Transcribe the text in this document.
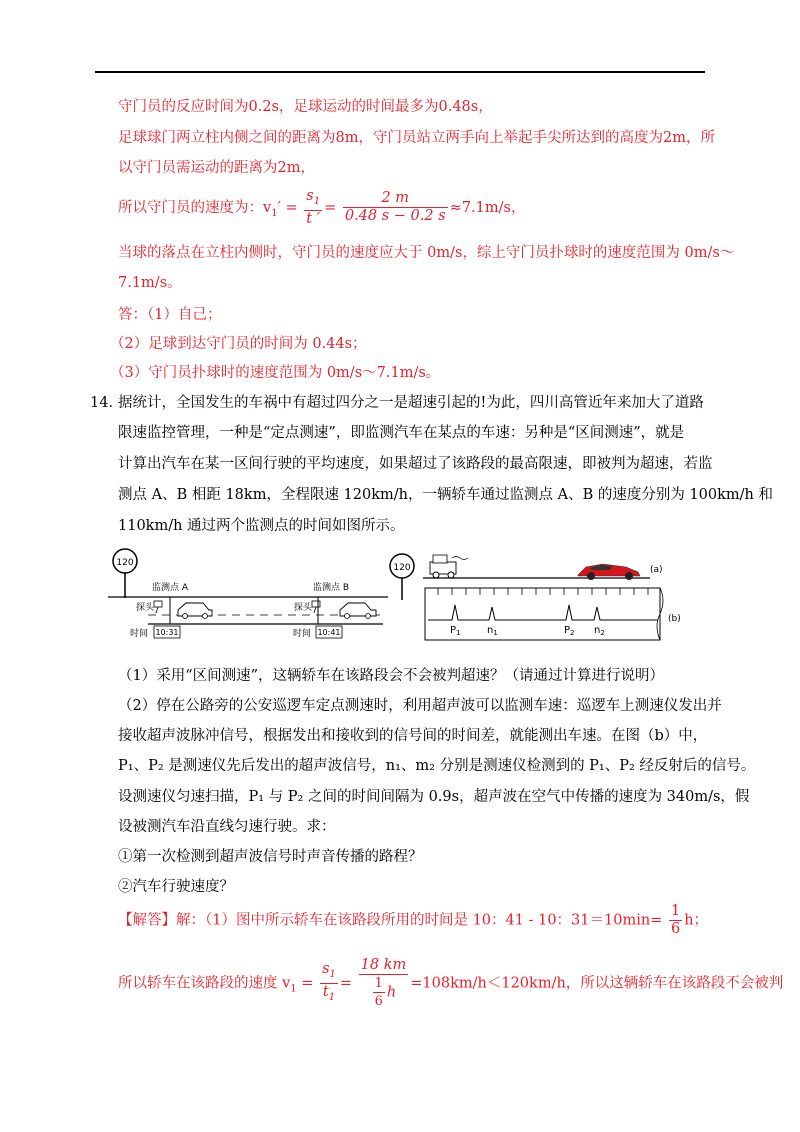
守门员的反应时间为0.2s，足球运动的时间最多为0.48s，
足球球门两立柱内侧之间的距离为8m，守门员站立两手向上举起手尖所达到的高度为2m，所
以守门员需运动的距离为2m，
所以守门员的速度为：$v_1' = \frac{s_1}{t '} = \frac{2 m}{0.48 s - 0.2 s} \approx 7.1m/s$，
当球的落点在立柱内侧时，守门员的速度应大于 0m/s，综上守门员扑球时的速度范围为 0m/s～
7.1m/s。
答：（1）自己；
（2）足球到达守门员的时间为 0.44s；
（3）守门员扑球时的速度范围为 0m/s～7.1m/s。
14．
据统计，全国发生的车祸中有超过四分之一是超速引起的!为此，四川高管近年来加大了道路
限速监控管理，一种是“定点测速”，即监测汽车在某点的车速：另种是“区间测速”，就是
计算出汽车在某一区间行驶的平均速度，如果超过了该路段的最高限速，即被判为超速，若监
测点 A、B 相距 18km，全程限速 120km/h，一辆轿车通过监测点 A、B 的速度分别为 100km/h 和
110km/h 通过两个监测点的时间如图所示。
120
监测点 A	监测点 B
探头	探头
时间 10:31	时间 10:41
120	(a)
$P_1$	$n_1$	$P_2$ $n_2$
(b)
（1）采用“区间测速”，这辆轿车在该路段会不会被判超速？（请通过计算进行说明）
（2）停在公路旁的公安巡逻车定点测速时，利用超声波可以监测车速：巡逻车上测速仪发出并
接收超声波脉冲信号，根据发出和接收到的信号间的时间差，就能测出车速。在图（b）中，
P₁、P₂ 是测速仪先后发出的超声波信号，n₁、m₂ 分别是测速仪检测到的 P₁、P₂ 经反射后的信号。
设测速仪匀速扫描，P₁ 与 P₂ 之间的时间间隔为 0.9s，超声波在空气中传播的速度为 340m/s，假
设被测汽车沿直线匀速行驶。求：
①第一次检测到超声波信号时声音传播的路程？
②汽车行驶速度？
【解答】解：（1）图中所示轿车在该路段所用的时间是 10：41 - 10：$31=10\min= \frac{1}{6}$ h；
所以轿车在该路段的速度 $v_1 = \frac{s_1}{t_1} = \frac{18 km}{\frac{1}{6} h} =108km/h<120km/h$，所以这辆轿车在该路段不会被判
